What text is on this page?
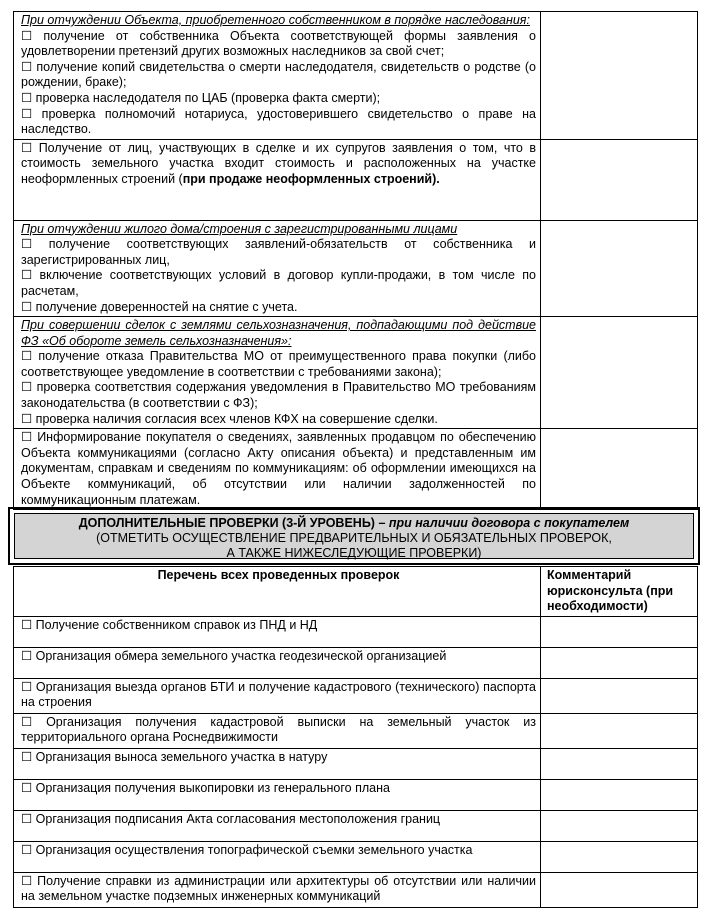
При отчуждении Объекта, приобретенного собственником в порядке наследования:
☐ получение от собственника Объекта соответствующей формы заявления о удовлетворении претензий других возможных наследников за свой счет;
☐ получение копий свидетельства о смерти наследодателя, свидетельств о родстве (о рождении, браке);
☐ проверка наследодателя по ЦАБ (проверка факта смерти);
☐ проверка полномочий нотариуса, удостоверившего свидетельство о праве на наследство.	

☐ Получение от лиц, участвующих в сделке и их супругов заявления о том, что в стоимость земельного участка входит стоимость и расположенных на участке неоформленных строений (при продаже неоформленных строений).

При отчуждении жилого дома/строения с зарегистрированными лицами
☐ получение соответствующих заявлений-обязательств от собственника и зарегистрированных лиц,
☐ включение соответствующих условий в договор купли-продажи, в том числе по расчетам,
☐ получение доверенностей на снятие с учета.	

При совершении сделок с землями сельхозназначения, подпадающими под действие ФЗ «Об обороте земель сельхозназначения»:
☐ получение отказа Правительства МО от преимущественного права покупки (либо соответствующее уведомление в соответствии с требованиями закона);
☐ проверка соответствия содержания уведомления в Правительство МО требованиям законодательства (в соответствии с ФЗ);
☐ проверка наличия согласия всех членов КФХ на совершение сделки.	

☐ Информирование покупателя о сведениях, заявленных продавцом по обеспечению Объекта коммуникациями (согласно Акту описания объекта) и представленным им документам, справкам и сведениям по коммуникациям: об оформлении имеющихся на Объекте коммуникаций, об отсутствии или наличии задолженностей по коммуникационным платежам.	
ДОПОЛНИТЕЛЬНЫЕ ПРОВЕРКИ (3-Й УРОВЕНЬ) – при наличии договора с покупателем
(ОТМЕТИТЬ ОСУЩЕСТВЛЕНИЕ ПРЕДВАРИТЕЛЬНЫХ И ОБЯЗАТЕЛЬНЫХ ПРОВЕРОК,
А ТАКЖЕ НИЖЕСЛЕДУЮЩИЕ ПРОВЕРКИ)
Перечень всех проведенных проверок	Комментарий юрисконсульта (при необходимости)
☐ Получение собственником справок из ПНД и НД	
☐ Организация обмера земельного участка геодезической организацией	
☐ Организация выезда органов БТИ и получение кадастрового (технического) паспорта на строения	
☐ Организация получения кадастровой выписки на земельный участок из территориального органа Роснедвижимости	
☐ Организация выноса земельного участка в натуру	
☐ Организация получения выкопировки из генерального плана	
☐ Организация подписания Акта согласования местоположения границ	
☐ Организация осуществления топографической съемки земельного участка	
☐ Получение справки из администрации или архитектуры об отсутствии или наличии на земельном участке подземных инженерных коммуникаций	
